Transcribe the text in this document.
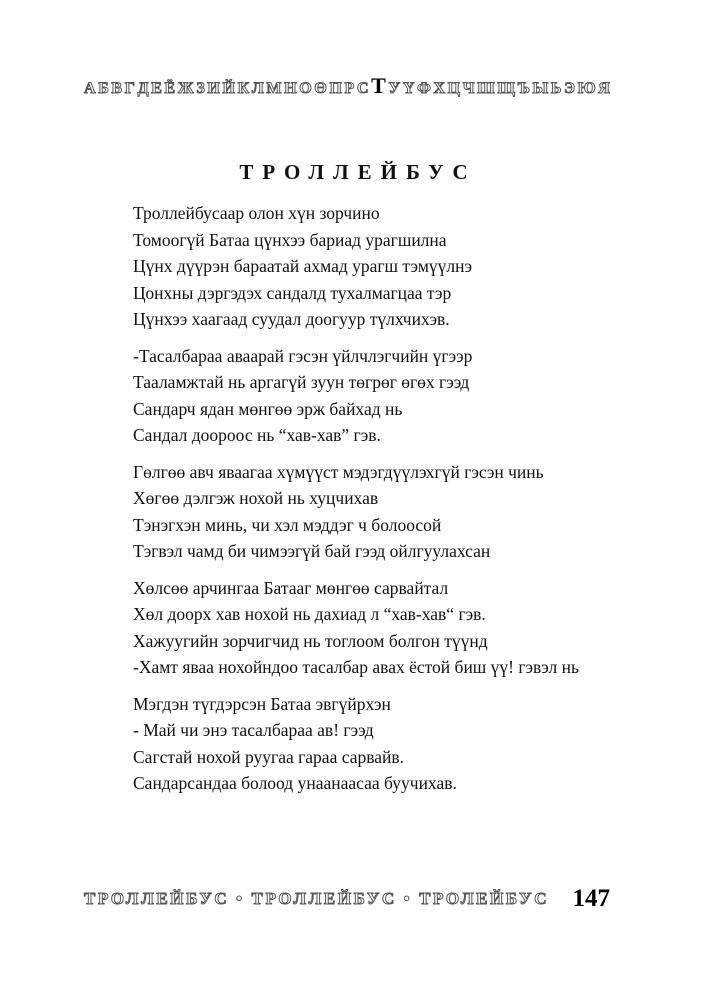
А Б В Г Д Е Ё Ж З И Й К Л М Н О Ө П Р С Т У Ү Ф Х Ц Ч Ш Щ Ъ Ы Ь Э Ю Я
ТРОЛЛЕЙБУС
Троллейбусаар олон хүн зорчино
Томоогүй Батаа цүнхээ бариад урагшилна
Цүнх дүүрэн бараатай ахмад урагш тэмүүлнэ
Цонхны дэргэдэх сандалд тухалмагцаа тэр
Цүнхээ хаагаад суудал доогуур түлхчихэв.
-Тасалбараа аваарай гэсэн үйлчлэгчийн үгээр
Тааламжтай нь аргагүй зуун төгрөг өгөх гээд
Сандарч ядан мөнгөө эрж байхад нь
Сандал доороос нь “хав-хав” гэв.
Гөлгөө авч яваагаа хүмүүст мэдэгдүүлэхгүй гэсэн чинь
Хөгөө дэлгэж нохой нь хуцчихав
Тэнэгхэн минь, чи хэл мэддэг ч болоосой
Тэгвэл чамд би чимээгүй бай гээд ойлгуулахсан
Хөлсөө арчингаа Батааг мөнгөө сарвайтал
Хөл доорх хав нохой нь дахиад л “хав-хав“ гэв.
Хажуугийн зорчигчид нь тоглоом болгон түүнд
-Хамт яваа нохойндоо тасалбар авах ёстой биш үү! гэвэл нь
Мэгдэн түгдэрсэн Батаа эвгүйрхэн
- Май чи энэ тасалбараа ав! гээд
Сагстай нохой руугаа гараа сарвайв.
Сандарсандаа болоод унаанаасаа буучихав.
ТРОЛЛЕЙБУС • ТРОЛЛЕЙБУС • ТРОЛЕЙБУС 147
